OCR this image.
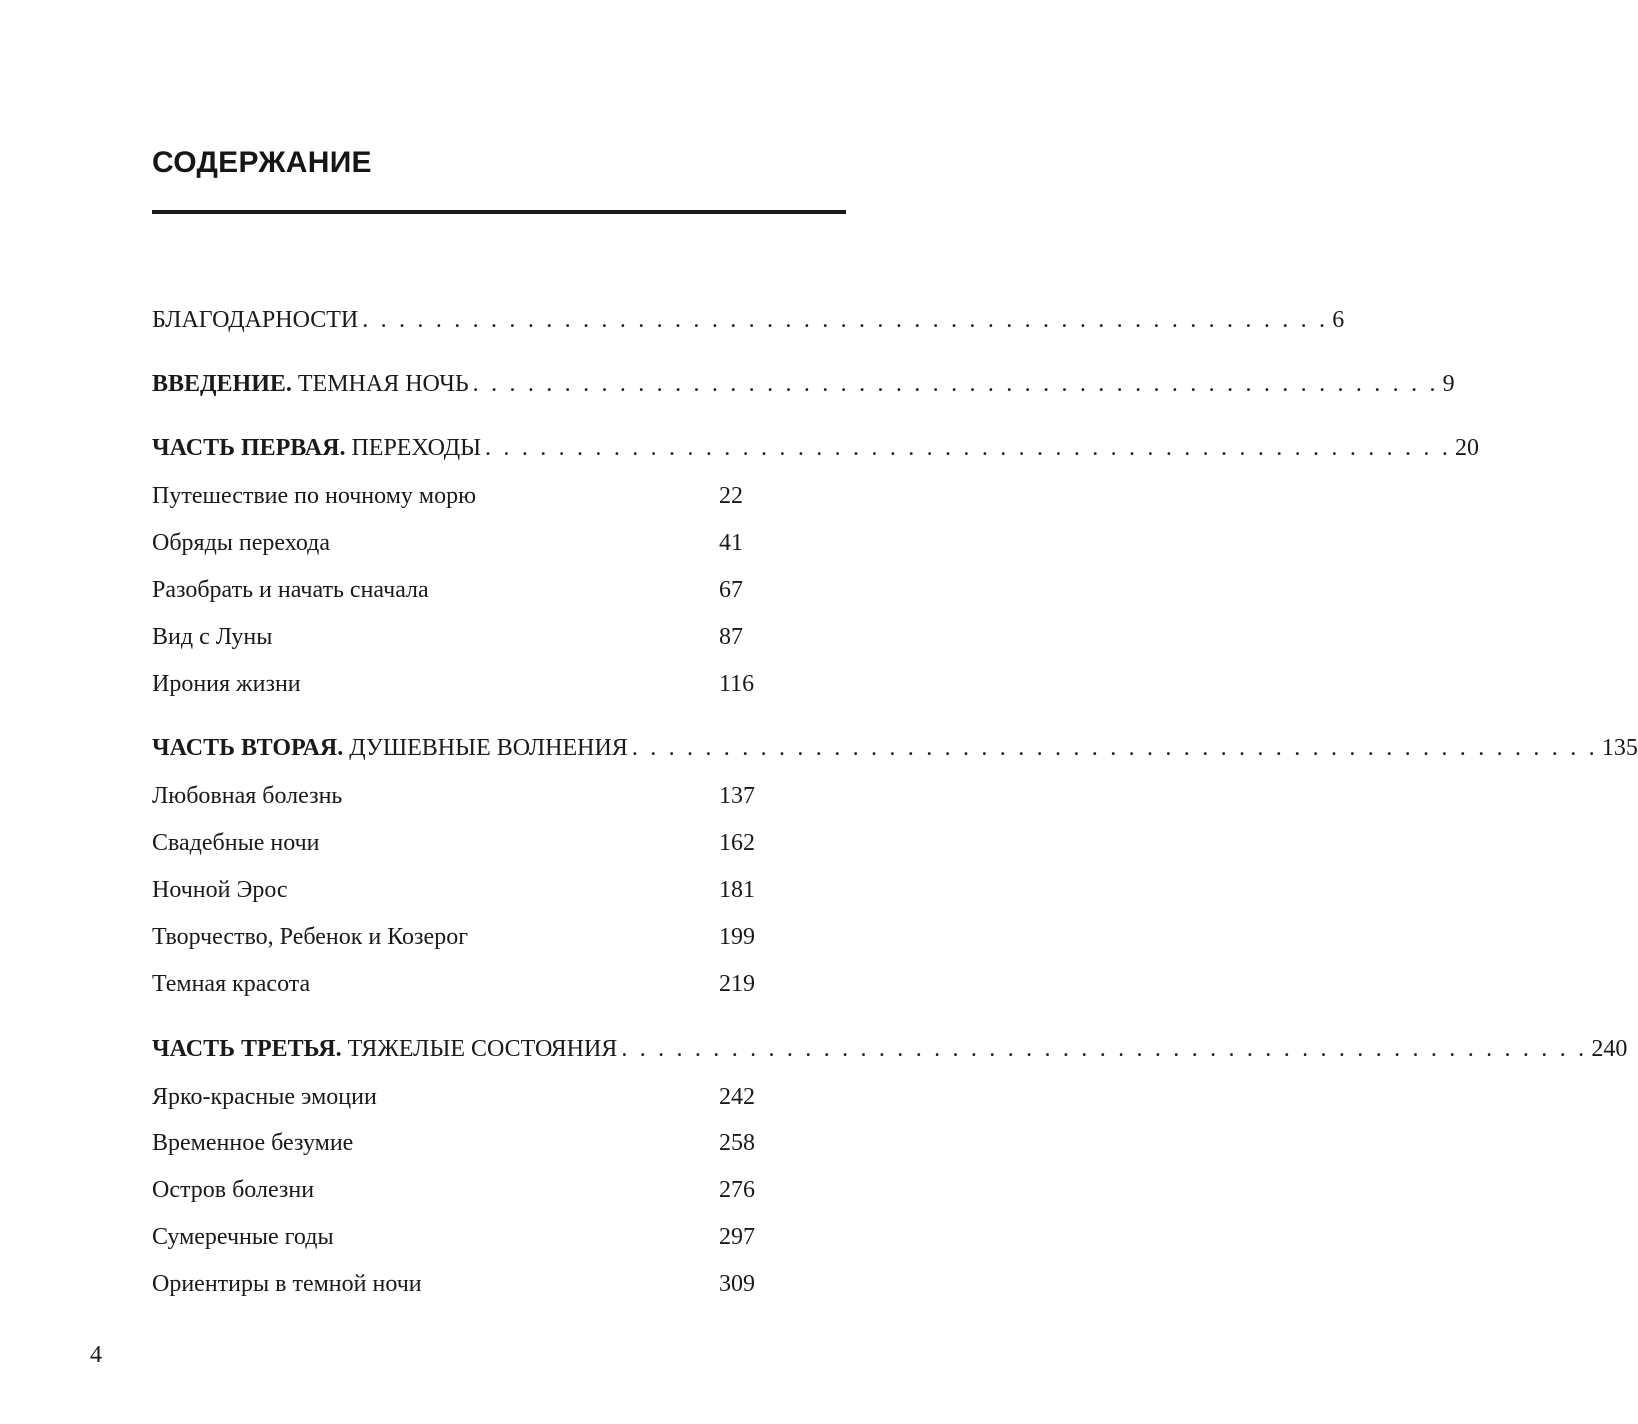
СОДЕРЖАНИЕ
БЛАГОДАРНОСТИ . . . . . . . . . . . . . . . . . . . . . . . . . . . . . . . . . . . . . . . . . . . . . . . . . . . . . 6
ВВЕДЕНИЕ. ТЕМНАЯ НОЧЬ . . . . . . . . . . . . . . . . . . . . . . . . . . . . . . . . . . . . . . . . . . . . . . . . . . . . . 9
ЧАСТЬ ПЕРВАЯ. ПЕРЕХОДЫ . . . . . . . . . . . . . . . . . . . . . . . . . . . . . . . . . . . . . . . . . . . . . . . . . . . . . 20
Путешествие по ночному морю	22
Обряды перехода	41
Разобрать и начать сначала	67
Вид с Луны	87
Ирония жизни	116
ЧАСТЬ ВТОРАЯ. ДУШЕВНЫЕ ВОЛНЕНИЯ . . . . . . . . . . . . . . . . . . . . . . . . . . . . . . . . . . . . . . . . . . . . . . . . . . . . . 135
Любовная болезнь	137
Свадебные ночи	162
Ночной Эрос	181
Творчество, Ребенок и Козерог	199
Темная красота	219
ЧАСТЬ ТРЕТЬЯ. ТЯЖЕЛЫЕ СОСТОЯНИЯ . . . . . . . . . . . . . . . . . . . . . . . . . . . . . . . . . . . . . . . . . . . . . . . . . . . . . 240
Ярко-красные эмоции	242
Временное безумие	258
Остров болезни	276
Сумеречные годы	297
Ориентиры в темной ночи	309
4
